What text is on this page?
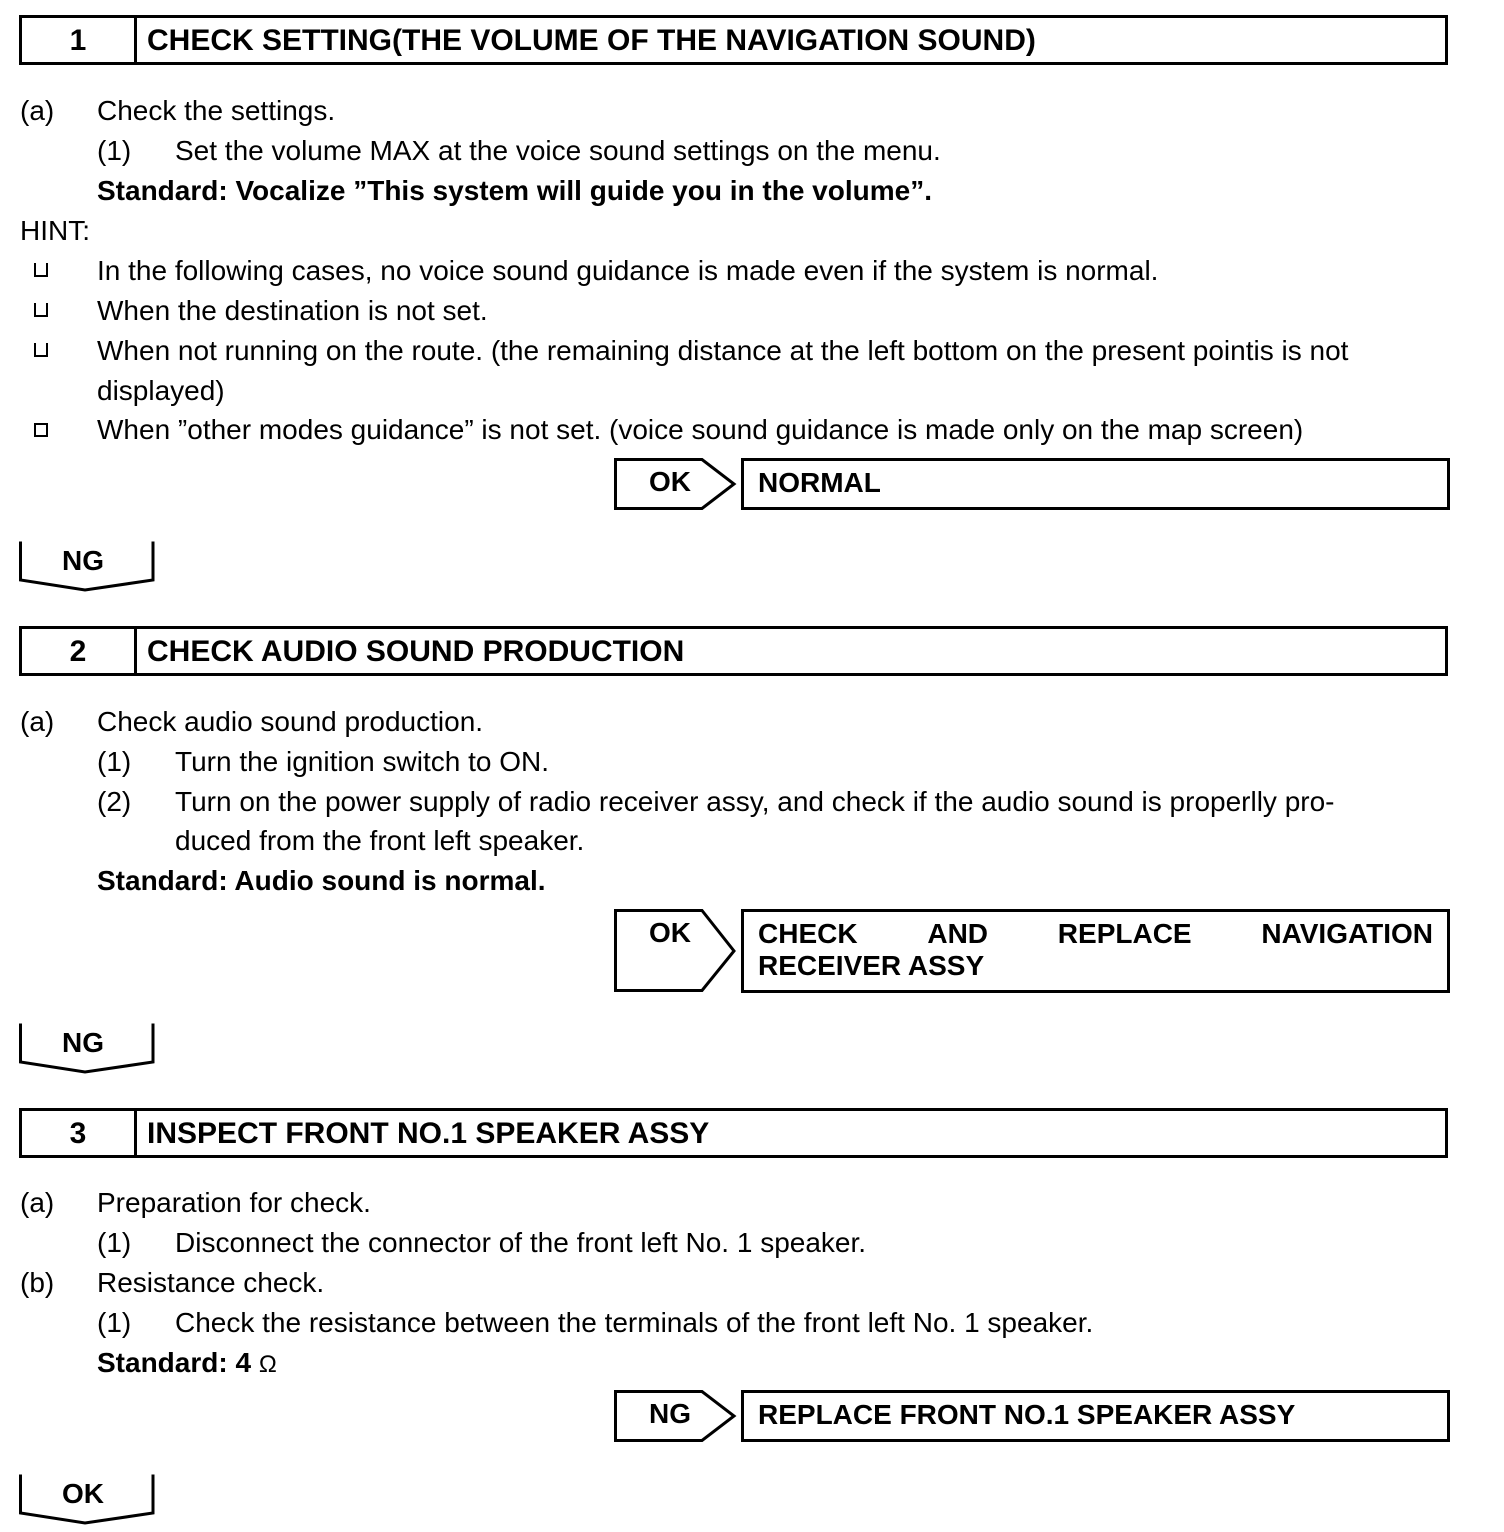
1	CHECK SETTING(THE VOLUME OF THE NAVIGATION SOUND)
(a) Check the settings.
(1) Set the volume MAX at the voice sound settings on the menu.
Standard: Vocalize ”This system will guide you in the volume”.
HINT:
In the following cases, no voice sound guidance is made even if the system is normal.
When the destination is not set.
When not running on the route. (the remaining distance at the left bottom on the present pointis is not
displayed)
When ”other modes guidance” is not set. (voice sound guidance is made only on the map screen)
OK	NORMAL
NG
2	CHECK AUDIO SOUND PRODUCTION
(a) Check audio sound production.
(1) Turn the ignition switch to ON.
(2) Turn on the power supply of radio receiver assy, and check if the audio sound is properlly pro-
duced from the front left speaker.
Standard: Audio sound is normal.
OK	CHECK AND REPLACE NAVIGATION
RECEIVER ASSY
NG
3	INSPECT FRONT NO.1 SPEAKER ASSY
(a) Preparation for check.
(1) Disconnect the connector of the front left No. 1 speaker.
(b) Resistance check.
(1) Check the resistance between the terminals of the front left No. 1 speaker.
Standard: 4 Ω
NG	REPLACE FRONT NO.1 SPEAKER ASSY
OK
